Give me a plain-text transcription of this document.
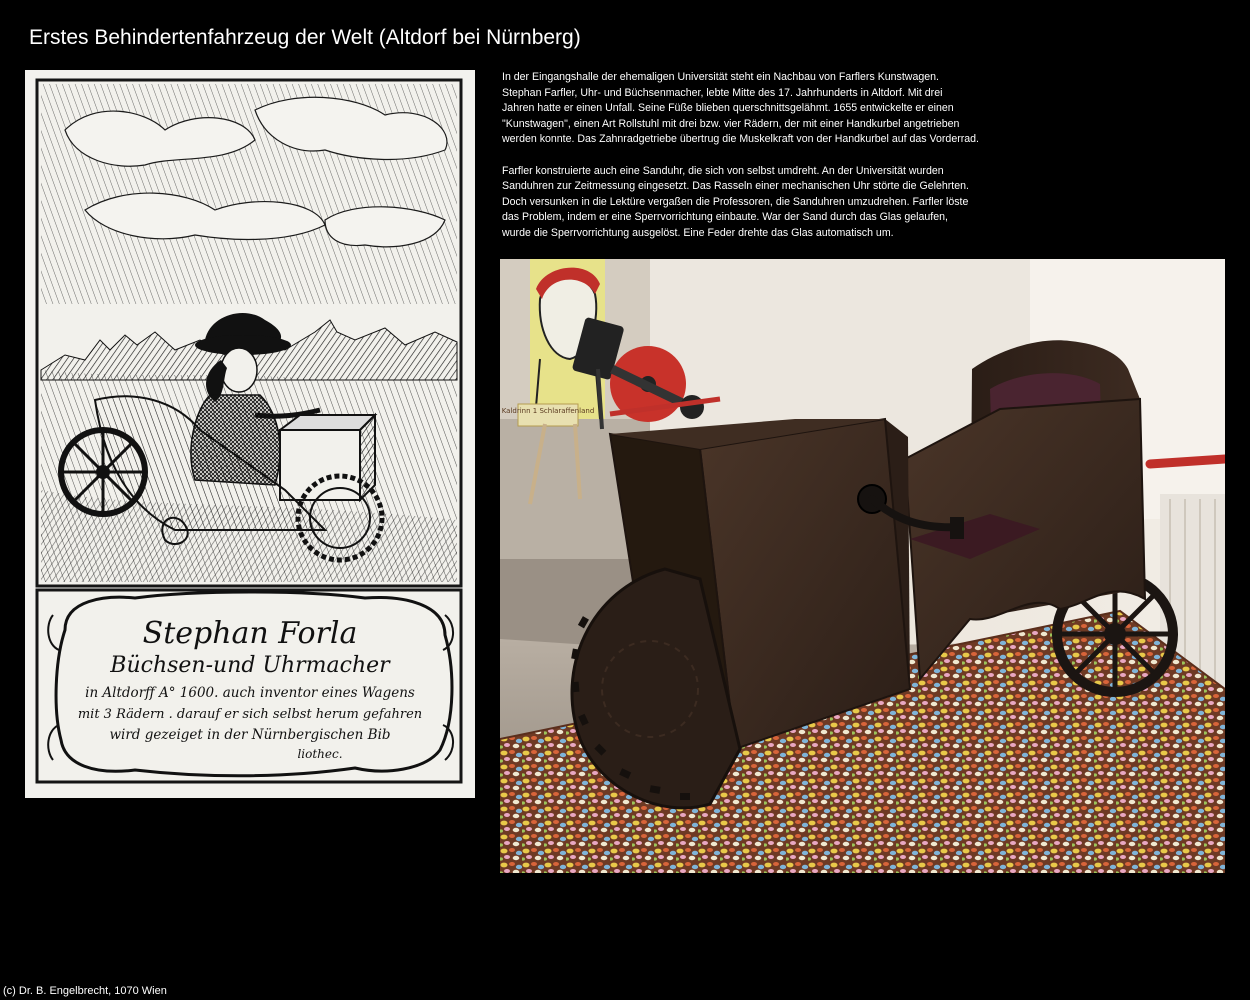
Erstes Behindertenfahrzeug der Welt (Altdorf bei Nürnberg)
Stephan Forla
Büchsen-und Uhrmacher
in Altdorff A° 1600. auch inventor eines Wagens
mit 3 Rädern . darauf er sich selbst herum gefahren
wird gezeiget in der Nürnbergischen Bib
liothec.

In der Eingangshalle der ehemaligen Universität steht ein Nachbau von Farflers Kunstwagen.
Stephan Farfler, Uhr- und Büchsenmacher, lebte Mitte des 17. Jahrhunderts in Altdorf. Mit drei
Jahren hatte er einen Unfall. Seine Füße blieben querschnittsgelähmt. 1655 entwickelte er einen
"Kunstwagen", einen Art Rollstuhl mit drei bzw. vier Rädern, der mit einer Handkurbel angetrieben
werden konnte. Das Zahnradgetriebe übertrug die Muskelkraft von der Handkurbel auf das Vorderrad.

Farfler konstruierte auch eine Sanduhr, die sich von selbst umdreht. An der Universität wurden
Sanduhren zur Zeitmessung eingesetzt. Das Rasseln einer mechanischen Uhr störte die Gelehrten.
Doch versunken in die Lektüre vergaßen die Professoren, die Sanduhren umzudrehen. Farfler löste
das Problem, indem er eine Sperrvorrichtung einbaute. War der Sand durch das Glas gelaufen,
wurde die Sperrvorrichtung ausgelöst. Eine Feder drehte das Glas automatisch um.

Kaldrinn 1 Schlaraffenland
(c) Dr. B. Engelbrecht, 1070 Wien
